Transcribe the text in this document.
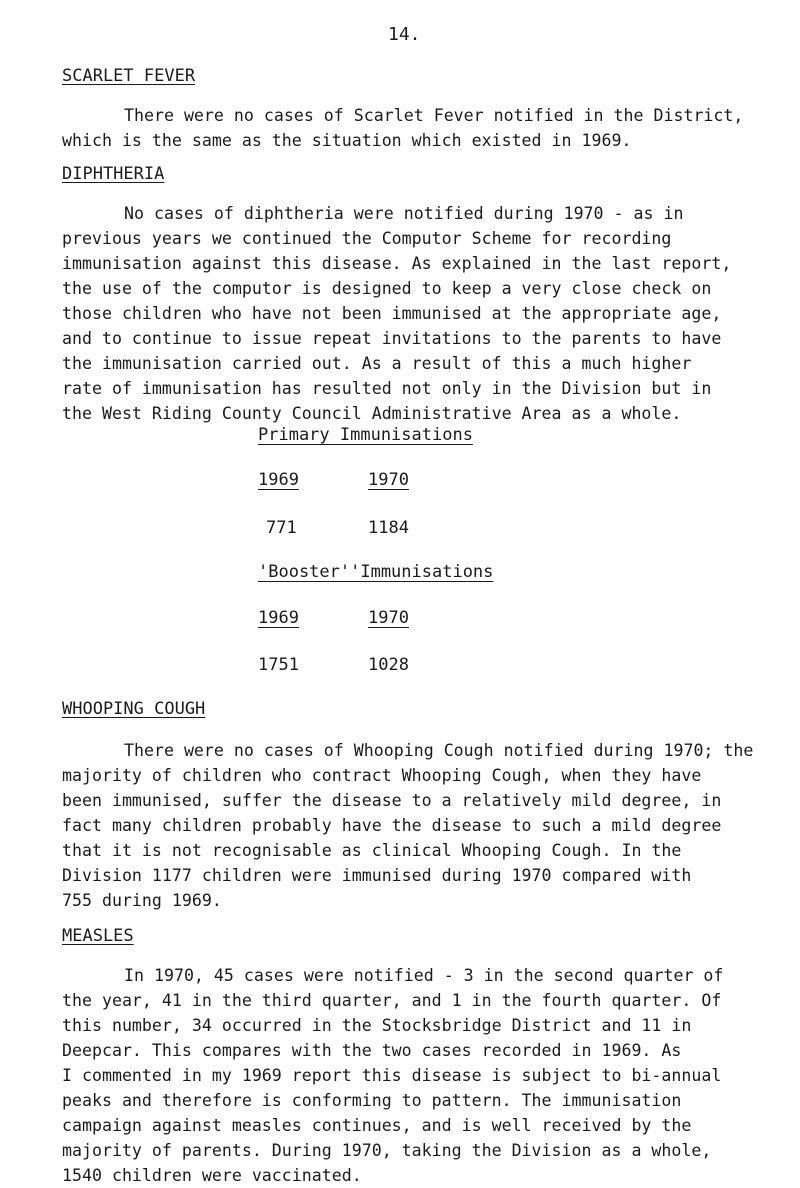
14.
SCARLET FEVER
There were no cases of Scarlet Fever notified in the District,
which is the same as the situation which existed in 1969.
DIPHTHERIA
No cases of diphtheria were notified during 1970 - as in
previous years we continued the Computor Scheme for recording
immunisation against this disease. As explained in the last report,
the use of the computor is designed to keep a very close check on
those children who have not been immunised at the appropriate age,
and to continue to issue repeat invitations to the parents to have
the immunisation carried out. As a result of this a much higher
rate of immunisation has resulted not only in the Division but in
the West Riding County Council Administrative Area as a whole.
Primary Immunisations
1969	1970
771	1184
'Booster''Immunisations
1969	1970
1751	1028
WHOOPING COUGH
There were no cases of Whooping Cough notified during 1970; the
majority of children who contract Whooping Cough, when they have
been immunised, suffer the disease to a relatively mild degree, in
fact many children probably have the disease to such a mild degree
that it is not recognisable as clinical Whooping Cough. In the
Division 1177 children were immunised during 1970 compared with
755 during 1969.
MEASLES
In 1970, 45 cases were notified - 3 in the second quarter of
the year, 41 in the third quarter, and 1 in the fourth quarter. Of
this number, 34 occurred in the Stocksbridge District and 11 in
Deepcar. This compares with the two cases recorded in 1969. As
I commented in my 1969 report this disease is subject to bi-annual
peaks and therefore is conforming to pattern. The immunisation
campaign against measles continues, and is well received by the
majority of parents. During 1970, taking the Division as a whole,
1540 children were vaccinated.
